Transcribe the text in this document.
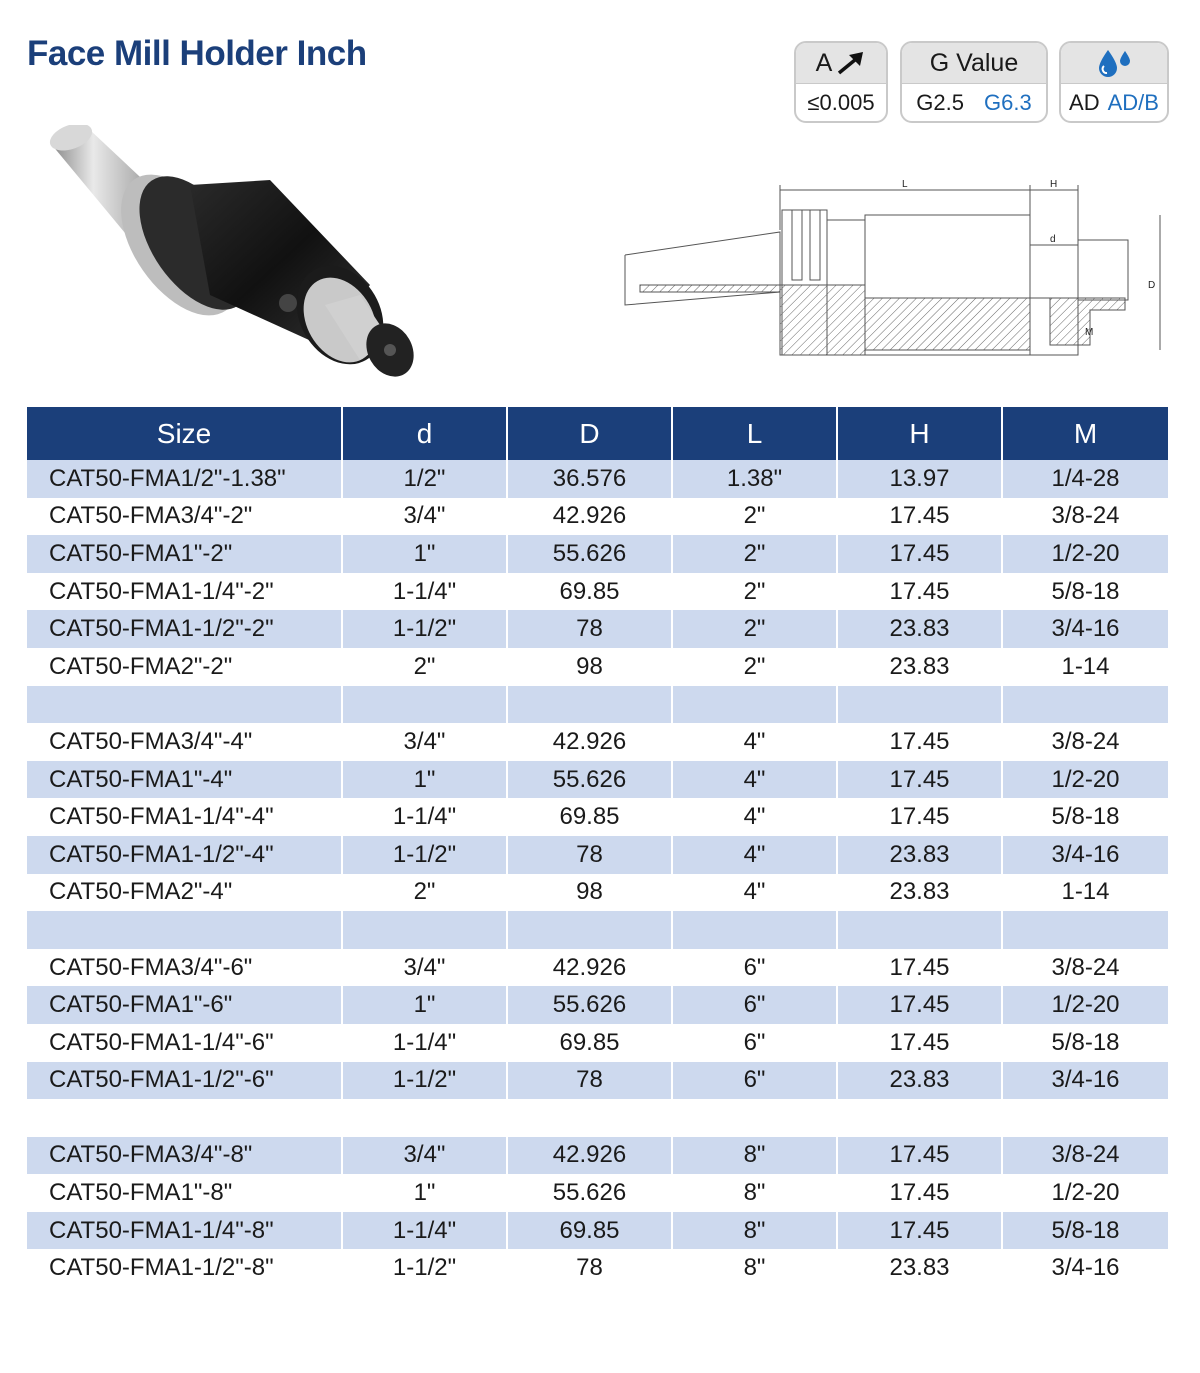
Face Mill Holder Inch	A
≤0.005
G Value
G2.5 G6.3 AD AD/B
L	H
d
D
M
Size	d	D	L	H	M
CAT50-FMA1/2"-1.38"	1/2"	36.576	1.38"	13.97	1/4-28
CAT50-FMA3/4"-2"	3/4"	42.926	2"	17.45	3/8-24
CAT50-FMA1"-2"	1"	55.626	2"	17.45	1/2-20
CAT50-FMA1-1/4"-2"	1-1/4"	69.85	2"	17.45	5/8-18
CAT50-FMA1-1/2"-2"	1-1/2"	78	2"	23.83	3/4-16
CAT50-FMA2"-2"	2"	98	2"	23.83	1-14

CAT50-FMA3/4"-4"	3/4"	42.926	4"	17.45	3/8-24
CAT50-FMA1"-4"	1"	55.626	4"	17.45	1/2-20
CAT50-FMA1-1/4"-4"	1-1/4"	69.85	4"	17.45	5/8-18
CAT50-FMA1-1/2"-4"	1-1/2"	78	4"	23.83	3/4-16
CAT50-FMA2"-4"	2"	98	4"	23.83	1-14

CAT50-FMA3/4"-6"	3/4"	42.926	6"	17.45	3/8-24
CAT50-FMA1"-6"	1"	55.626	6"	17.45	1/2-20
CAT50-FMA1-1/4"-6"	1-1/4"	69.85	6"	17.45	5/8-18
CAT50-FMA1-1/2"-6"	1-1/2"	78	6"	23.83	3/4-16

CAT50-FMA3/4"-8"	3/4"	42.926	8"	17.45	3/8-24
CAT50-FMA1"-8"	1"	55.626	8"	17.45	1/2-20
CAT50-FMA1-1/4"-8"	1-1/4"	69.85	8"	17.45	5/8-18
CAT50-FMA1-1/2"-8"	1-1/2"	78	8"	23.83	3/4-16
